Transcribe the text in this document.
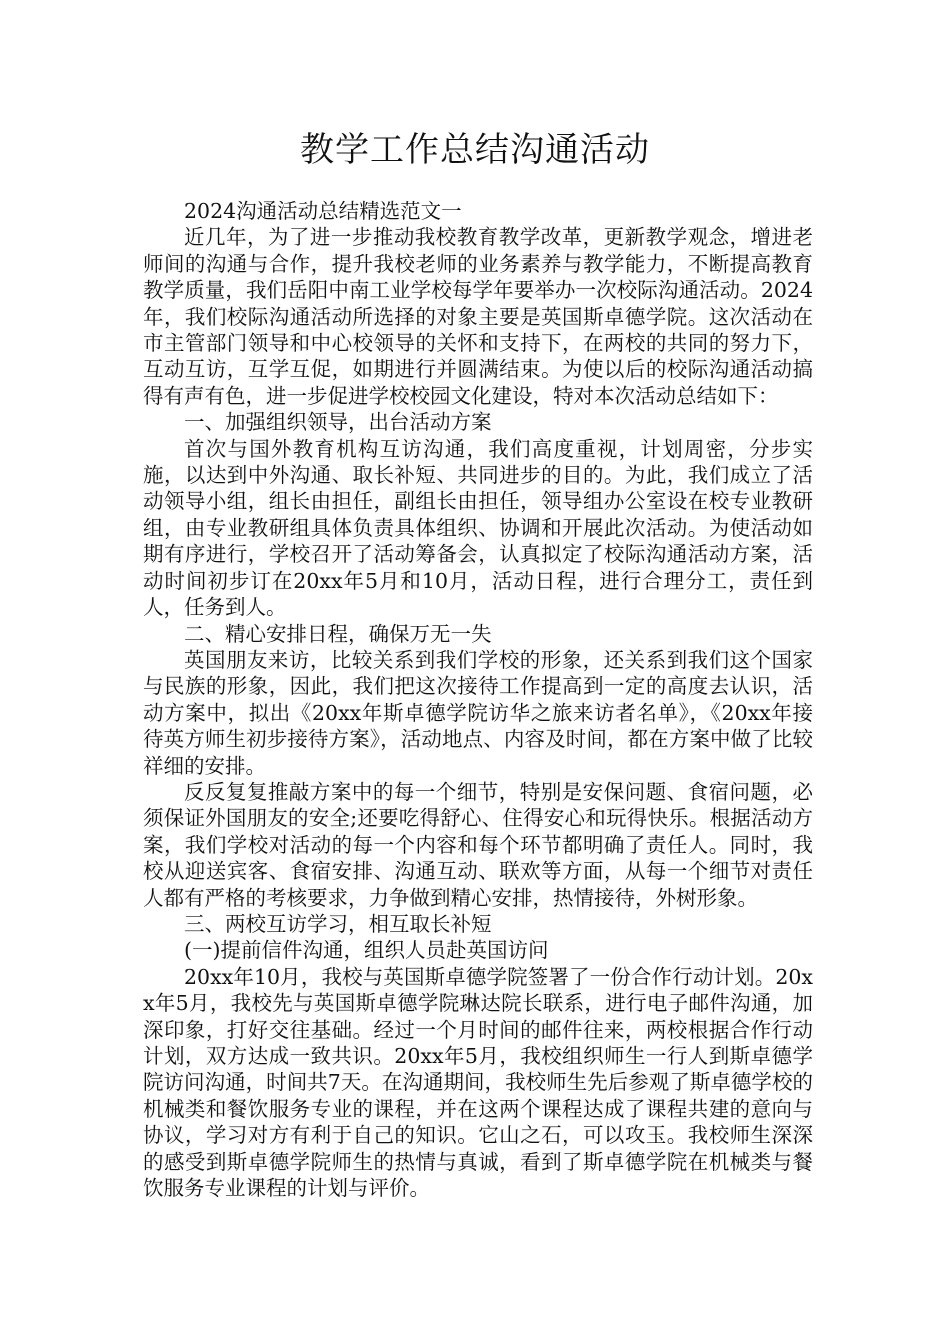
教学工作总结沟通活动

2024沟通活动总结精选范文一

近几年，为了进一步推动我校教育教学改革，更新教学观念，增进老师间的沟通与合作，提升我校老师的业务素养与教学能力，不断提高教育教学质量，我们岳阳中南工业学校每学年要举办一次校际沟通活动。2024年，我们校际沟通活动所选择的对象主要是英国斯卓德学院。这次活动在市主管部门领导和中心校领导的关怀和支持下，在两校的共同的努力下，互动互访，互学互促，如期进行并圆满结束。为使以后的校际沟通活动搞得有声有色，进一步促进学校校园文化建设，特对本次活动总结如下：

一、加强组织领导，出台活动方案

首次与国外教育机构互访沟通，我们高度重视，计划周密，分步实施，以达到中外沟通、取长补短、共同进步的目的。为此，我们成立了活动领导小组，组长由担任，副组长由担任，领导组办公室设在校专业教研组，由专业教研组具体负责具体组织、协调和开展此次活动。为使活动如期有序进行，学校召开了活动筹备会，认真拟定了校际沟通活动方案，活动时间初步订在20xx年5月和10月，活动日程，进行合理分工，责任到人，任务到人。

二、精心安排日程，确保万无一失

英国朋友来访，比较关系到我们学校的形象，还关系到我们这个国家与民族的形象，因此，我们把这次接待工作提高到一定的高度去认识，活动方案中，拟出《20xx年斯卓德学院访华之旅来访者名单》，《20xx年接待英方师生初步接待方案》，活动地点、内容及时间，都在方案中做了比较祥细的安排。

反反复复推敲方案中的每一个细节，特别是安保问题、食宿问题，必须保证外国朋友的安全;还要吃得舒心、住得安心和玩得快乐。根据活动方案，我们学校对活动的每一个内容和每个环节都明确了责任人。同时，我校从迎送宾客、食宿安排、沟通互动、联欢等方面，从每一个细节对责任人都有严格的考核要求，力争做到精心安排，热情接待，外树形象。

三、两校互访学习，相互取长补短

(一)提前信件沟通，组织人员赴英国访问

20xx年10月，我校与英国斯卓德学院签署了一份合作行动计划。20xx年5月，我校先与英国斯卓德学院琳达院长联系，进行电子邮件沟通，加深印象，打好交往基础。经过一个月时间的邮件往来，两校根据合作行动计划，双方达成一致共识。20xx年5月，我校组织师生一行人到斯卓德学院访问沟通，时间共7天。在沟通期间，我校师生先后参观了斯卓德学校的机械类和餐饮服务专业的课程，并在这两个课程达成了课程共建的意向与协议，学习对方有利于自己的知识。它山之石，可以攻玉。我校师生深深的感受到斯卓德学院师生的热情与真诚，看到了斯卓德学院在机械类与餐饮服务专业课程的计划与评价。
